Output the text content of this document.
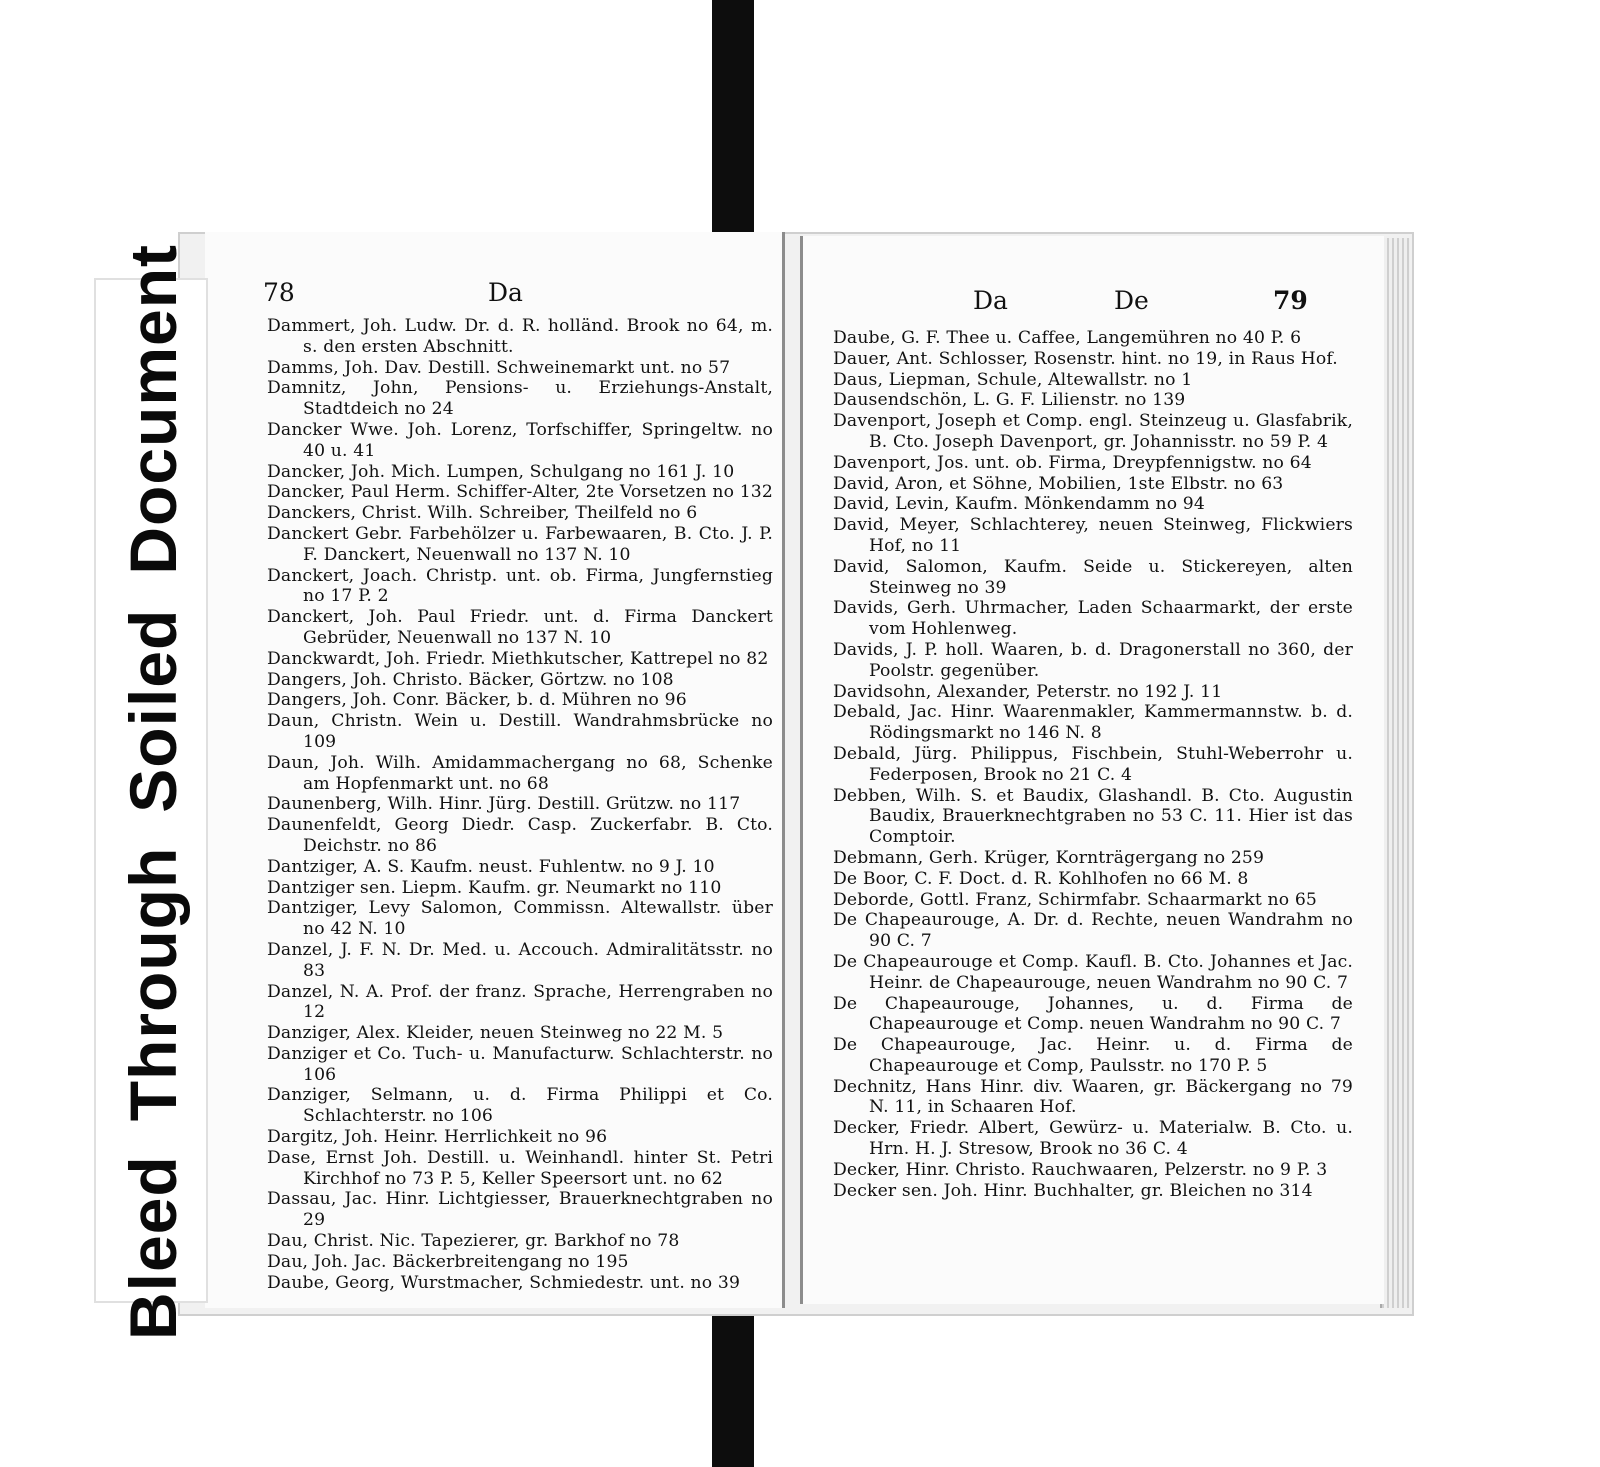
78	Da
Dammert, Joh. Ludw. Dr. d. R. holländ. Brook no 64, m. s. den ersten Abschnitt.
Damms, Joh. Dav. Destill. Schweinemarkt unt. no 57
Damnitz, John, Pensions- u. Erziehungs-Anstalt, Stadtdeich no 24
Dancker Wwe. Joh. Lorenz, Torfschiffer, Springeltw. no 40 u. 41
Dancker, Joh. Mich. Lumpen, Schulgang no 161 J. 10
Dancker, Paul Herm. Schiffer-Alter, 2te Vorsetzen no 132
Danckers, Christ. Wilh. Schreiber, Theilfeld no 6
Danckert Gebr. Farbehölzer u. Farbewaaren, B. Cto. J. P. F. Danckert, Neuenwall no 137 N. 10
Danckert, Joach. Christp. unt. ob. Firma, Jungfernstieg no 17 P. 2
Danckert, Joh. Paul Friedr. unt. d. Firma Danckert Gebrüder, Neuenwall no 137 N. 10
Danckwardt, Joh. Friedr. Miethkutscher, Kattrepel no 82
Dangers, Joh. Christo. Bäcker, Görtzw. no 108
Dangers, Joh. Conr. Bäcker, b. d. Mühren no 96
Daun, Christn. Wein u. Destill. Wandrahmsbrücke no 109
Daun, Joh. Wilh. Amidammachergang no 68, Schenke am Hopfenmarkt unt. no 68
Daunenberg, Wilh. Hinr. Jürg. Destill. Grützw. no 117
Daunenfeldt, Georg Diedr. Casp. Zuckerfabr. B. Cto. Deichstr. no 86
Dantziger, A. S. Kaufm. neust. Fuhlentw. no 9 J. 10
Dantziger sen. Liepm. Kaufm. gr. Neumarkt no 110
Dantziger, Levy Salomon, Commissn. Altewallstr. über no 42 N. 10
Danzel, J. F. N. Dr. Med. u. Accouch. Admiralitätsstr. no 83
Danzel, N. A. Prof. der franz. Sprache, Herrengraben no 12
Danziger, Alex. Kleider, neuen Steinweg no 22 M. 5
Danziger et Co. Tuch- u. Manufacturw. Schlachterstr. no 106
Danziger, Selmann, u. d. Firma Philippi et Co. Schlachterstr. no 106
Dargitz, Joh. Heinr. Herrlichkeit no 96
Dase, Ernst Joh. Destill. u. Weinhandl. hinter St. Petri Kirchhof no 73 P. 5, Keller Speersort unt. no 62
Dassau, Jac. Hinr. Lichtgiesser, Brauerknechtgraben no 29
Dau, Christ. Nic. Tapezierer, gr. Barkhof no 78
Dau, Joh. Jac. Bäckerbreitengang no 195
Daube, Georg, Wurstmacher, Schmiedestr. unt. no 39
Da	De	79
Daube, G. F. Thee u. Caffee, Langemühren no 40 P. 6
Dauer, Ant. Schlosser, Rosenstr. hint. no 19, in Raus Hof.
Daus, Liepman, Schule, Altewallstr. no 1
Dausendschön, L. G. F. Lilienstr. no 139
Davenport, Joseph et Comp. engl. Steinzeug u. Glasfabrik, B. Cto. Joseph Davenport, gr. Johannisstr. no 59 P. 4
Davenport, Jos. unt. ob. Firma, Dreypfennigstw. no 64
David, Aron, et Söhne, Mobilien, 1ste Elbstr. no 63
David, Levin, Kaufm. Mönkendamm no 94
David, Meyer, Schlachterey, neuen Steinweg, Flickwiers Hof, no 11
David, Salomon, Kaufm. Seide u. Stickereyen, alten Steinweg no 39
Davids, Gerh. Uhrmacher, Laden Schaarmarkt, der erste vom Hohlenweg.
Davids, J. P. holl. Waaren, b. d. Dragonerstall no 360, der Poolstr. gegenüber.
Davidsohn, Alexander, Peterstr. no 192 J. 11
Debald, Jac. Hinr. Waarenmakler, Kammermannstw. b. d. Rödingsmarkt no 146 N. 8
Debald, Jürg. Philippus, Fischbein, Stuhl-Weberrohr u. Federposen, Brook no 21 C. 4
Debben, Wilh. S. et Baudix, Glashandl. B. Cto. Augustin Baudix, Brauerknechtgraben no 53 C. 11. Hier ist das Comptoir.
Debmann, Gerh. Krüger, Kornträgergang no 259
De Boor, C. F. Doct. d. R. Kohlhofen no 66 M. 8
Deborde, Gottl. Franz, Schirmfabr. Schaarmarkt no 65
De Chapeaurouge, A. Dr. d. Rechte, neuen Wandrahm no 90 C. 7
De Chapeaurouge et Comp. Kaufl. B. Cto. Johannes et Jac. Heinr. de Chapeaurouge, neuen Wandrahm no 90 C. 7
De Chapeaurouge, Johannes, u. d. Firma de Chapeaurouge et Comp. neuen Wandrahm no 90 C. 7
De Chapeaurouge, Jac. Heinr. u. d. Firma de Chapeaurouge et Comp, Paulsstr. no 170 P. 5
Dechnitz, Hans Hinr. div. Waaren, gr. Bäckergang no 79 N. 11, in Schaaren Hof.
Decker, Friedr. Albert, Gewürz- u. Materialw. B. Cto. u. Hrn. H. J. Stresow, Brook no 36 C. 4
Decker, Hinr. Christo. Rauchwaaren, Pelzerstr. no 9 P. 3
Decker sen. Joh. Hinr. Buchhalter, gr. Bleichen no 314
BleedThroughSoiledDocument
